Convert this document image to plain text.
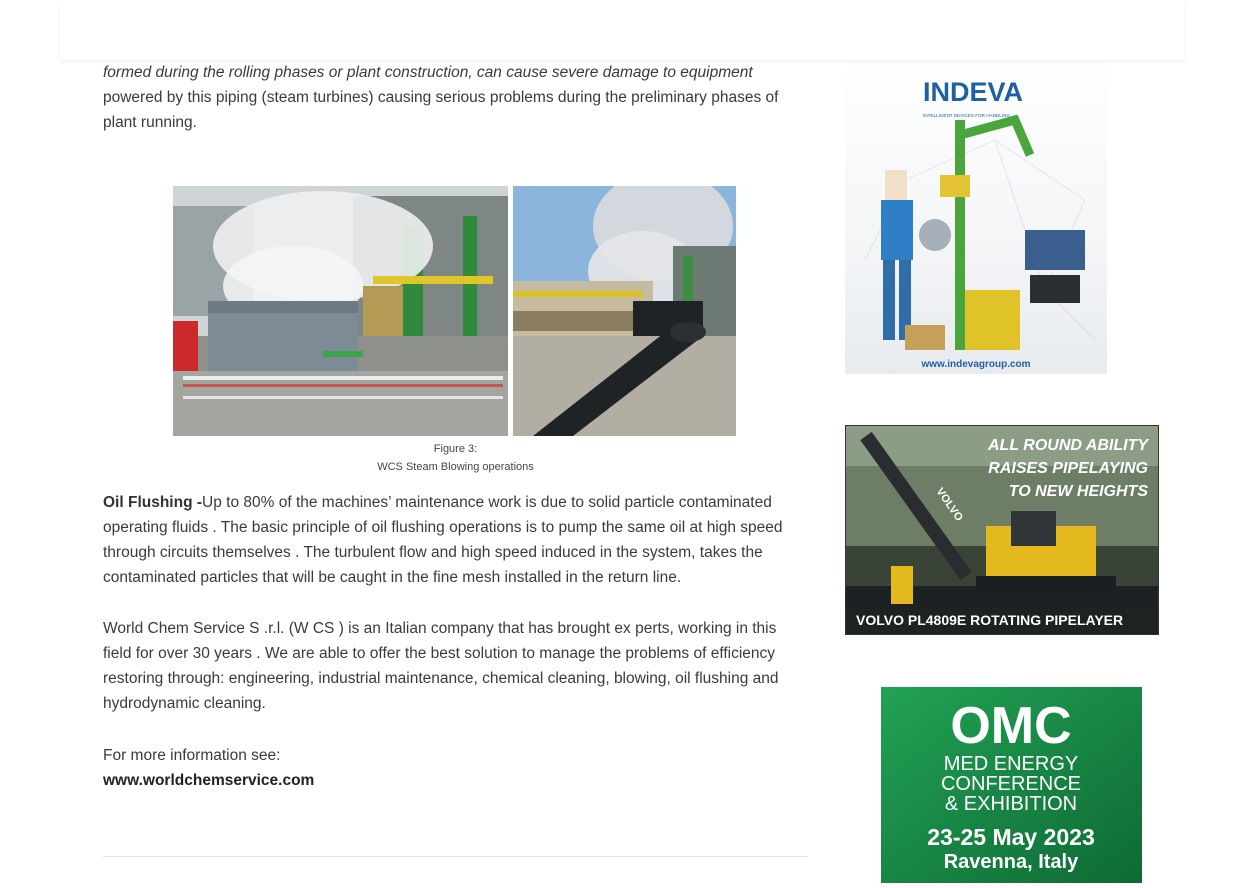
formed during the rolling phases or plant construction, can cause severe damage to equipment

powered by this piping (steam turbines) causing serious problems during the preliminary phases of
plant running.

Figure 3:
WCS Steam Blowing operations

Oil Flushing -Up to 80% of the machines’ maintenance work is due to solid particle contaminated operating fluids . The basic principle of oil flushing operations is to pump the same oil at high speed through circuits themselves . The turbulent flow and high speed induced in the system, takes the contaminated particles that will be caught in the fine mesh installed in the return line.

World Chem Service S .r.l. (W CS ) is an Italian company that has brought ex perts, working in this field for over 30 years . We are able to offer the best solution to manage the problems of efficiency restoring through: engineering, industrial maintenance, chemical cleaning, blowing, oil flushing and hydrodynamic cleaning.

For more information see:
www.worldchemservice.com
INDEVA
INTELLIGENT DEVICES FOR HANDLING
www.indevagroup.com
VOLVO
ALL ROUND ABILITY
RAISES PIPELAYING
TO NEW HEIGHTS
VOLVO PL4809E ROTATING PIPELAYER
OMC
MED ENERGY
CONFERENCE
& EXHIBITION
23-25 May 2023
Ravenna, Italy
